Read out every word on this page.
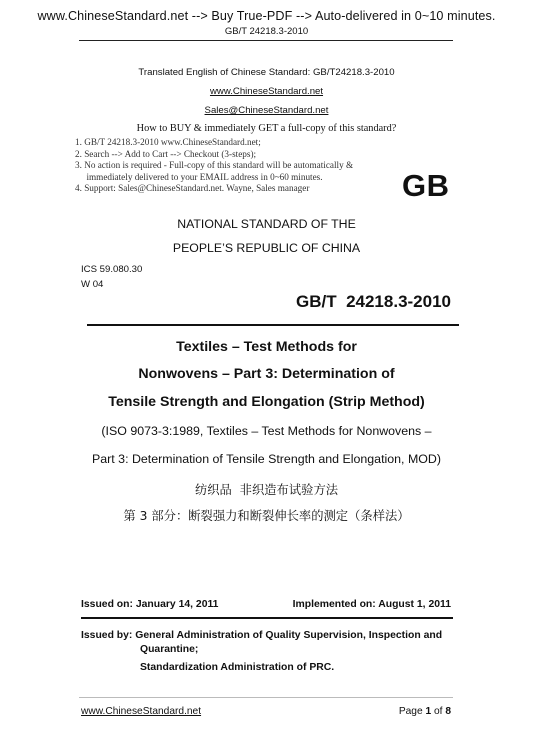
www.ChineseStandard.net --> Buy True-PDF --> Auto-delivered in 0~10 minutes.
GB/T 24218.3-2010
Translated English of Chinese Standard: GB/T24218.3-2010
www.ChineseStandard.net
Sales@ChineseStandard.net
How to BUY & immediately GET a full-copy of this standard?
1. GB/T 24218.3-2010 www.ChineseStandard.net;
2. Search --> Add to Cart --> Checkout (3-steps);
3. No action is required - Full-copy of this standard will be automatically &
immediately delivered to your EMAIL address in 0~60 minutes.
4. Support: Sales@ChineseStandard.net. Wayne, Sales manager	GB
NATIONAL STANDARD OF THE
PEOPLE’S REPUBLIC OF CHINA
ICS 59.080.30
W 04
GB/T  24218.3-2010
Textiles – Test Methods for
Nonwovens – Part 3: Determination of
Tensile Strength and Elongation (Strip Method)
(ISO 9073-3:1989, Textiles – Test Methods for Nonwovens –
Part 3: Determination of Tensile Strength and Elongation, MOD)
纺织品  非织造布试验方法
第 3 部分：断裂强力和断裂伸长率的测定（条样法）
Issued on: January 14, 2011	Implemented on: August 1, 2011
Issued by: General Administration of Quality Supervision, Inspection and
Quarantine;
Standardization Administration of PRC.
www.ChineseStandard.net	Page 1 of 8
